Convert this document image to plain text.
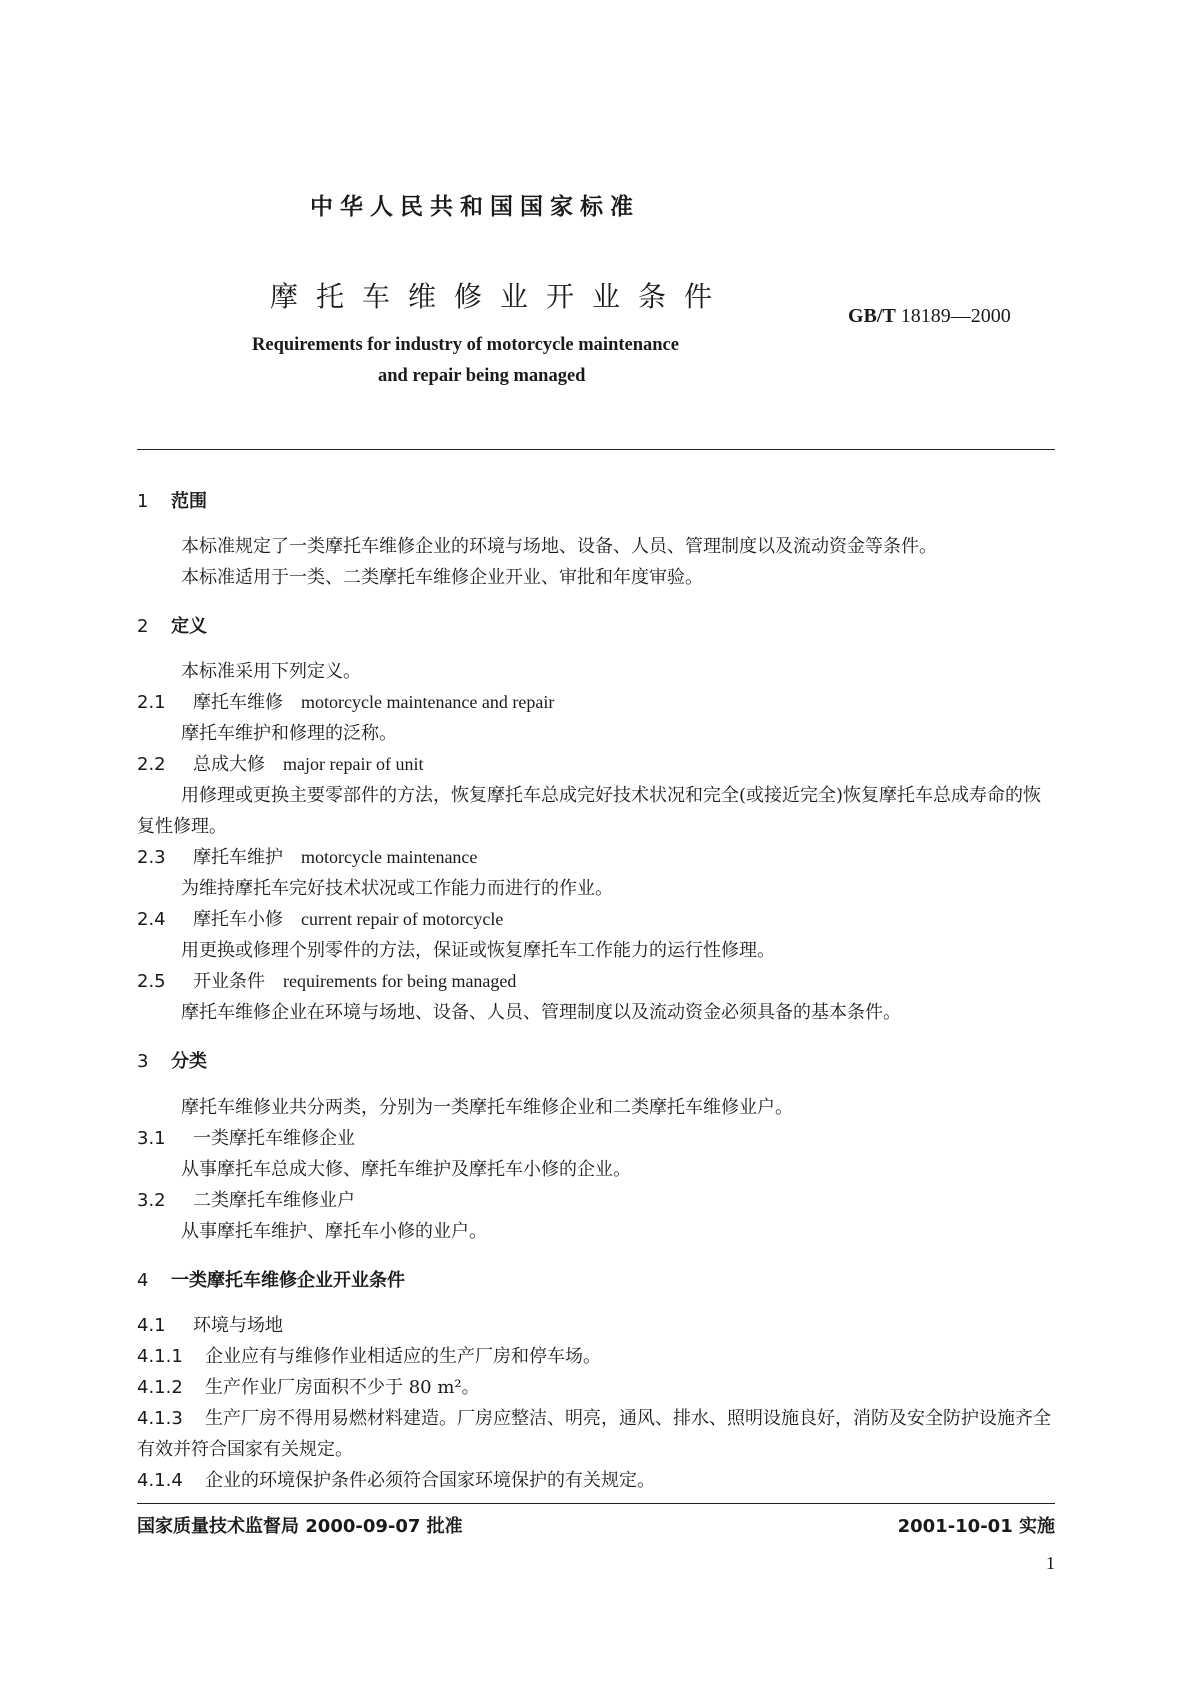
中华人民共和国国家标准
摩托车维修业开业条件
GB/T 18189—2000
Requirements for industry of motorcycle maintenance
and repair being managed
1 范围
本标准规定了一类摩托车维修企业的环境与场地、设备、人员、管理制度以及流动资金等条件。
本标准适用于一类、二类摩托车维修企业开业、审批和年度审验。
2 定义
本标准采用下列定义。
2.1 摩托车维修 motorcycle maintenance and repair
摩托车维护和修理的泛称。
2.2 总成大修 major repair of unit
用修理或更换主要零部件的方法，恢复摩托车总成完好技术状况和完全(或接近完全)恢复摩托车总成寿命的恢复性修理。
2.3 摩托车维护 motorcycle maintenance
为维持摩托车完好技术状况或工作能力而进行的作业。
2.4 摩托车小修 current repair of motorcycle
用更换或修理个别零件的方法，保证或恢复摩托车工作能力的运行性修理。
2.5 开业条件 requirements for being managed
摩托车维修企业在环境与场地、设备、人员、管理制度以及流动资金必须具备的基本条件。
3 分类
摩托车维修业共分两类，分别为一类摩托车维修企业和二类摩托车维修业户。
3.1 一类摩托车维修企业
从事摩托车总成大修、摩托车维护及摩托车小修的企业。
3.2 二类摩托车维修业户
从事摩托车维护、摩托车小修的业户。
4 一类摩托车维修企业开业条件
4.1 环境与场地
4.1.1 企业应有与维修作业相适应的生产厂房和停车场。
4.1.2 生产作业厂房面积不少于 80 m²。
4.1.3 生产厂房不得用易燃材料建造。厂房应整洁、明亮，通风、排水、照明设施良好，消防及安全防护设施齐全有效并符合国家有关规定。
4.1.4 企业的环境保护条件必须符合国家环境保护的有关规定。
国家质量技术监督局 2000-09-07 批准	2001-10-01 实施
1
